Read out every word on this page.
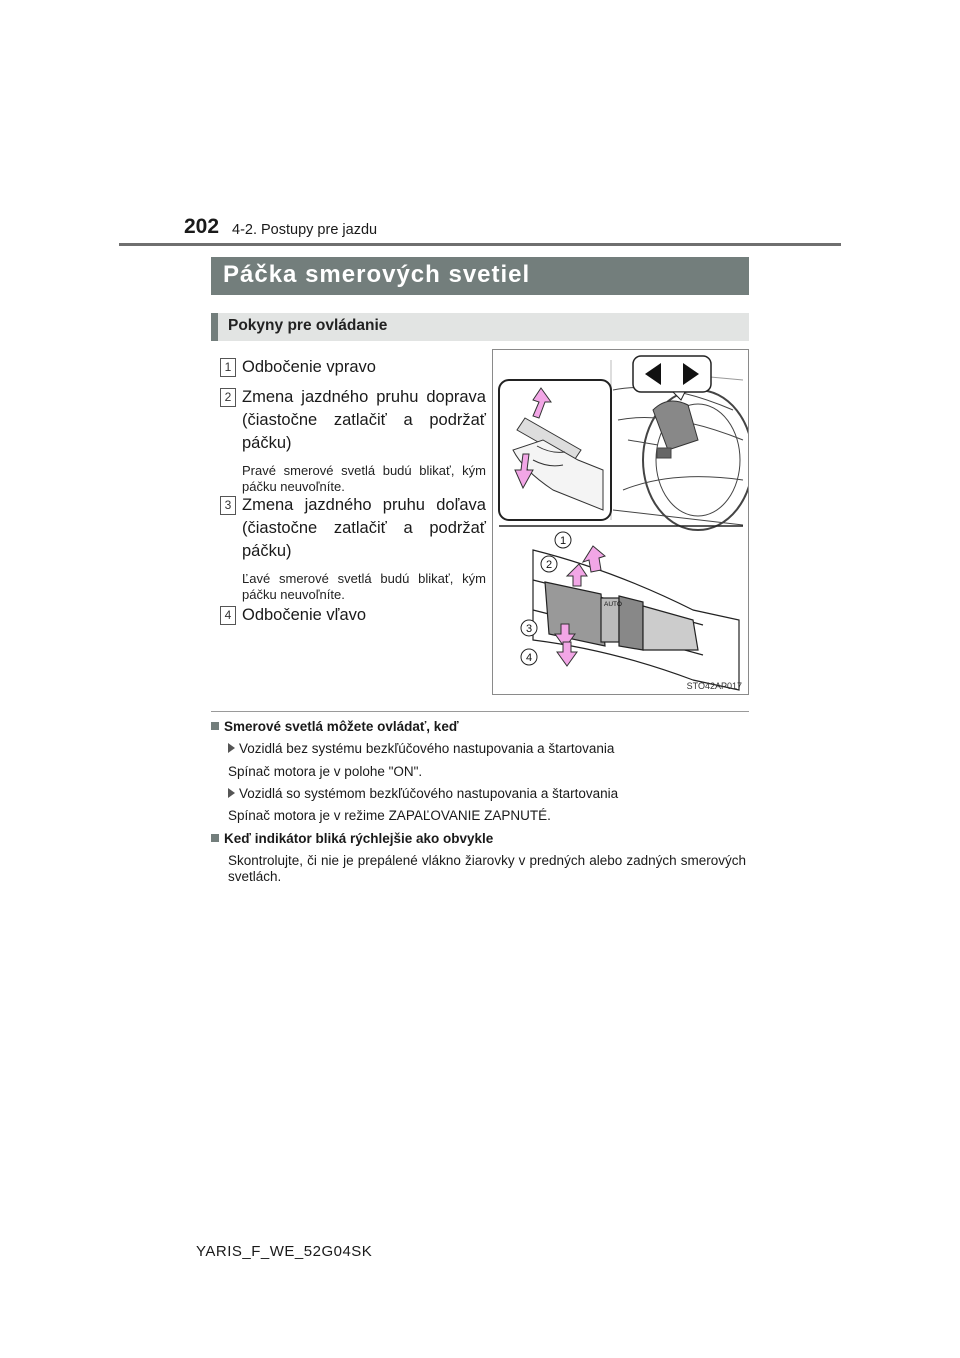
202 4-2. Postupy pre jazdu
Páčka smerových svetiel
Pokyny pre ovládanie
1 Odbočenie vpravo
2 Zmena jazdného pruhu doprava (čiastočne zatlačiť a podržať páčku)
Pravé smerové svetlá budú blikať, kým páčku neuvoľníte.
3 Zmena jazdného pruhu doľava (čiastočne zatlačiť a podržať páčku)
Ľavé smerové svetlá budú blikať, kým páčku neuvoľníte.
4 Odbočenie vľavo
AUTO
1
2
3
4
STO42AP017
Smerové svetlá môžete ovládať, keď
Vozidlá bez systému bezkľúčového nastupovania a štartovania
Spínač motora je v polohe "ON".
Vozidlá so systémom bezkľúčového nastupovania a štartovania
Spínač motora je v režime ZAPAĽOVANIE ZAPNUTÉ.
Keď indikátor bliká rýchlejšie ako obvykle
Skontrolujte, či nie je prepálené vlákno žiarovky v predných alebo zadných smerových svetlách.
YARIS_F_WE_52G04SK
